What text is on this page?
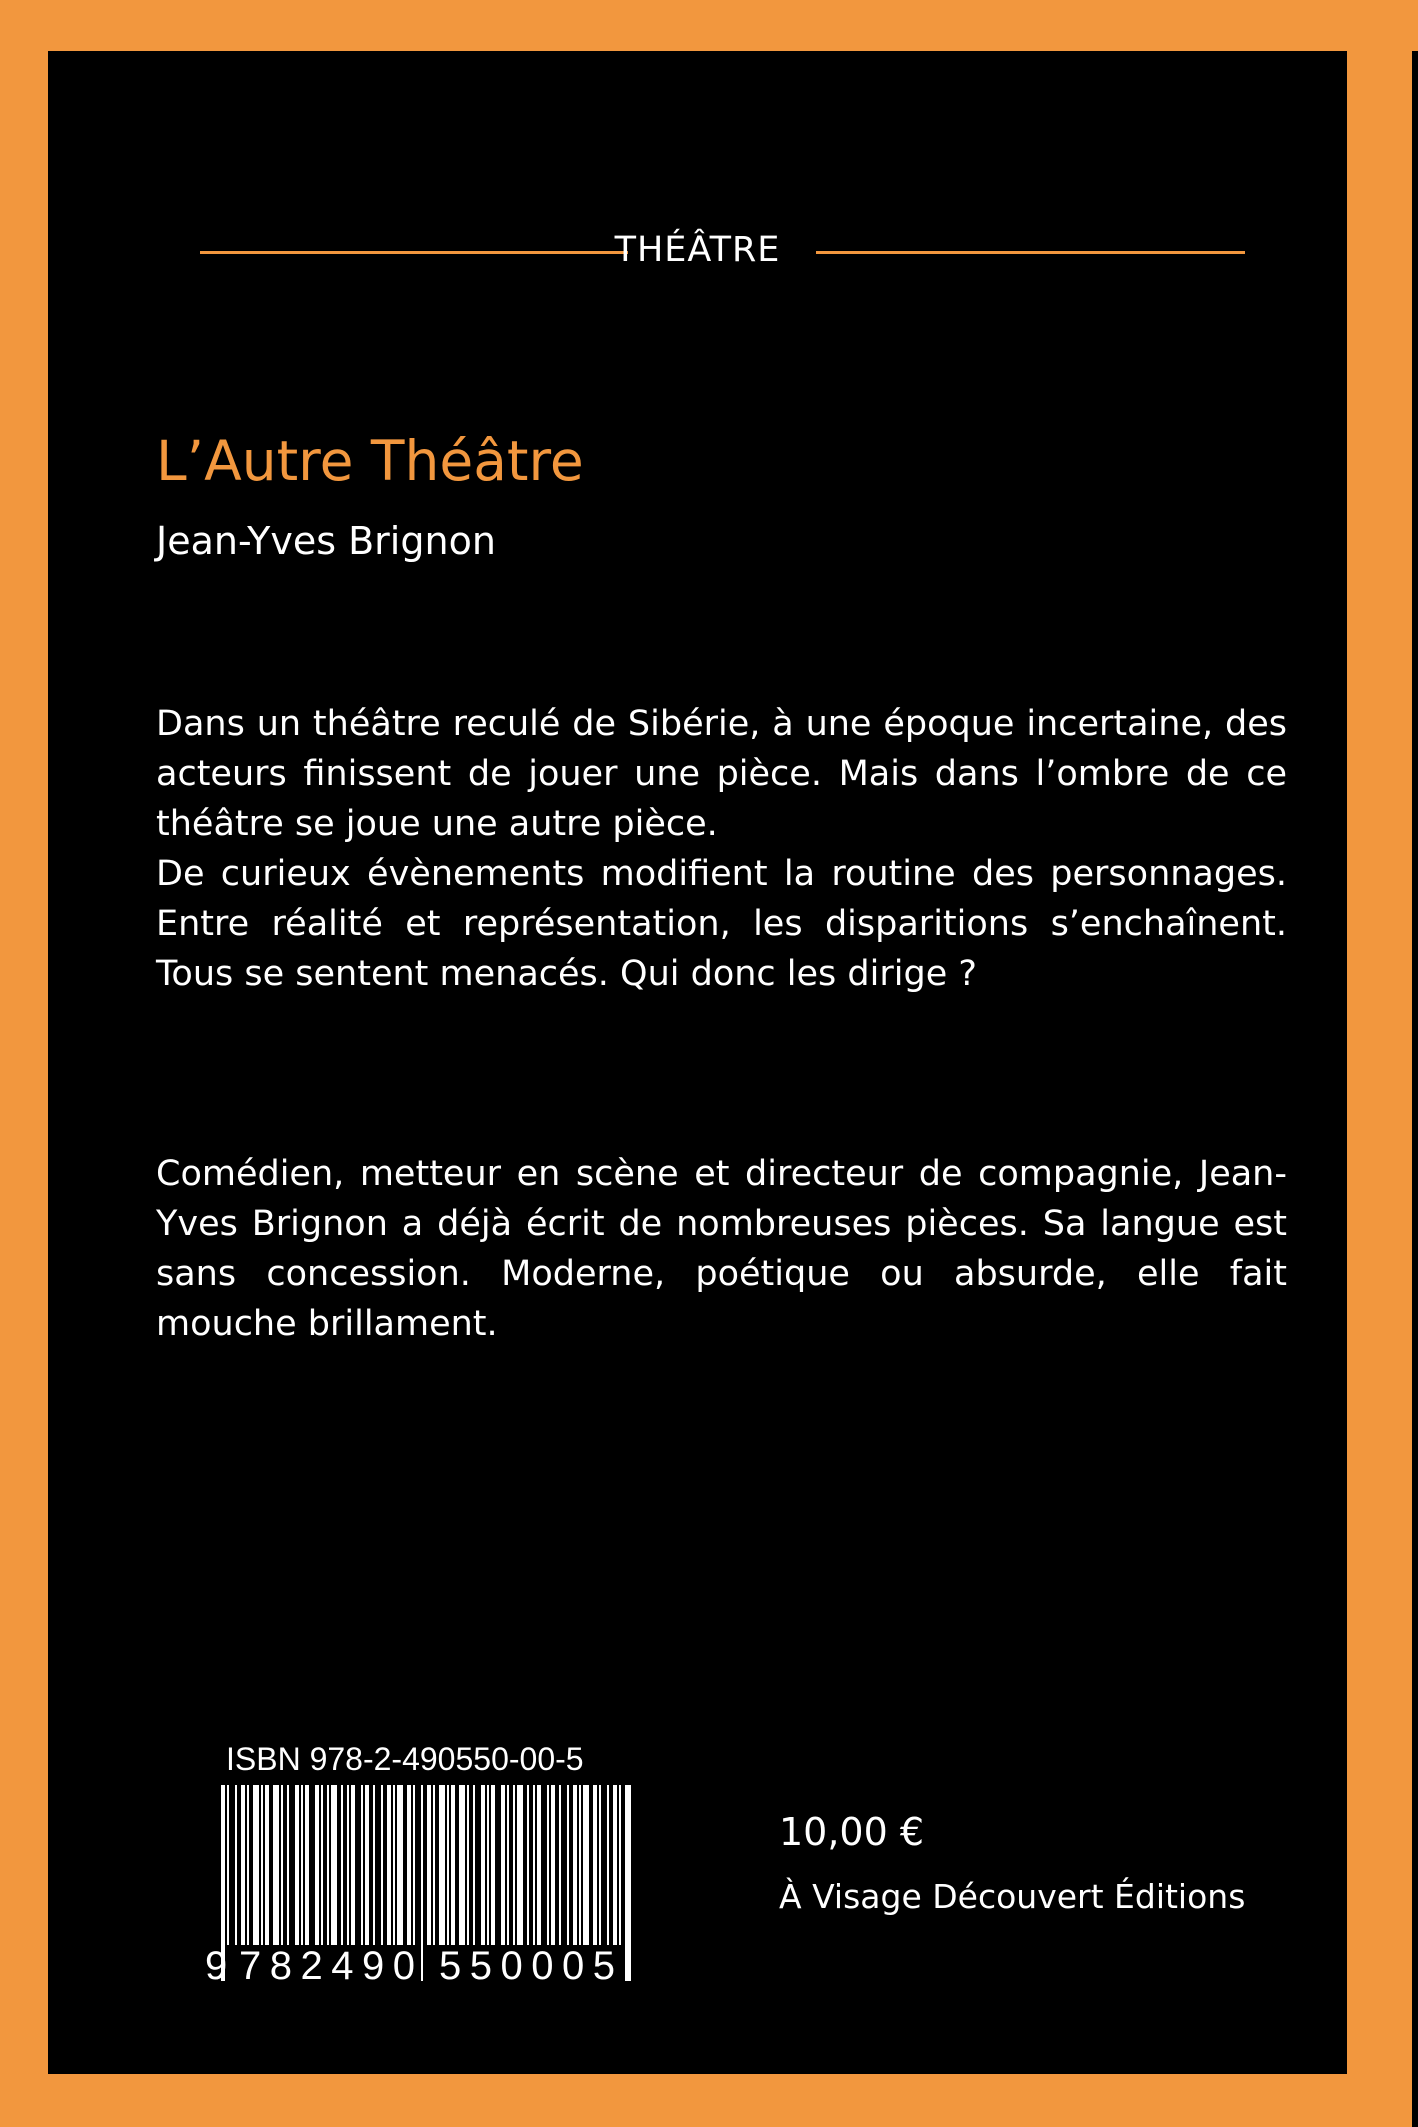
THÉÂTRE
L’Autre Théâtre
Jean-Yves Brignon

Dans un théâtre reculé de Sibérie, à une époque incertaine, des acteurs finissent de jouer une pièce. Mais dans l’ombre de ce théâtre se joue une autre pièce.

De curieux évènements modifient la routine des personnages. Entre réalité et représentation, les disparitions s’enchaînent. Tous se sentent menacés. Qui donc les dirige ?

Comédien, metteur en scène et directeur de compagnie, Jean-Yves Brignon a déjà écrit de nombreuses pièces. Sa langue est sans concession. Moderne, poétique ou absurde, elle fait mouche brillament.

ISBN 978-2-490550-00-5
9 782490 550005
10,00 €
À Visage Découvert Éditions
